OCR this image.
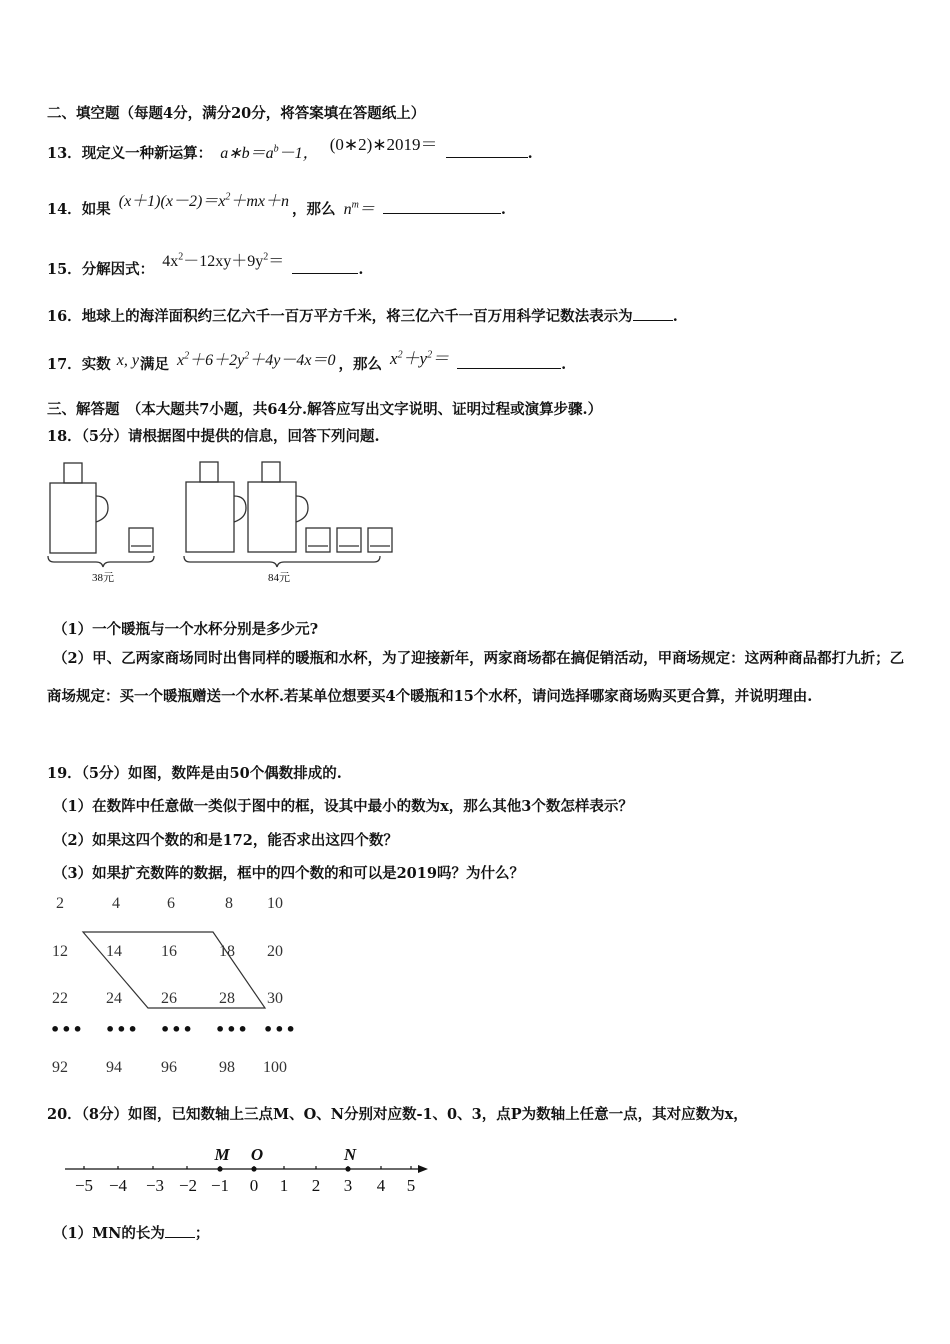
二、填空题（每题4分，满分20分，将答案填在答题纸上）
13．现定义一种新运算： $a∗b=a^b-1$， (0∗2)∗2019＝	.
14．如果 $(x+1)(x-2)=x^2+mx+n$ ，那么 $n^m=$	.
15．分解因式： $4x^2-12xy+9y^2=$	.
16．地球上的海洋面积约三亿六千一百万平方千米，将三亿六千一百万用科学记数法表示为	.
17．实数 x, y满足 $x^2+6+2y^2+4y-4x=0$ ，那么 $x^2+y^2=$	.
三、解答题　（本大题共7小题，共64分.解答应写出文字说明、证明过程或演算步骤.）
18．（5分）请根据图中提供的信息，回答下列问题.
38元	84元
（1）一个暖瓶与一个水杯分别是多少元?
（2）甲、乙两家商场同时出售同样的暖瓶和水杯，为了迎接新年，两家商场都在搞促销活动，甲商场规定：这两种商品都打九折；乙商场规定：买一个暖瓶赠送一个水杯.若某单位想要买4个暖瓶和15个水杯，请问选择哪家商场购买更合算，并说明理由.
19．（5分）如图，数阵是由50个偶数排成的.
（1）在数阵中任意做一类似于图中的框，设其中最小的数为x，那么其他3个数怎样表示？
（2）如果这四个数的和是172，能否求出这四个数？
（3）如果扩充数阵的数据，框中的四个数的和可以是2019吗？为什么？
2	4	6	8 10
12 14 16	18 20
22 24 26	28 30
••• ••• ••• ••• •••
92 94 96	98 100
20．（8分）如图，已知数轴上三点M、O、N分别对应数-1、0、3，点P为数轴上任意一点，其对应数为x，
−5 −4 −3 −2 −1 0 1 2 3 4 5
M O	N
（1）MN的长为 ；
